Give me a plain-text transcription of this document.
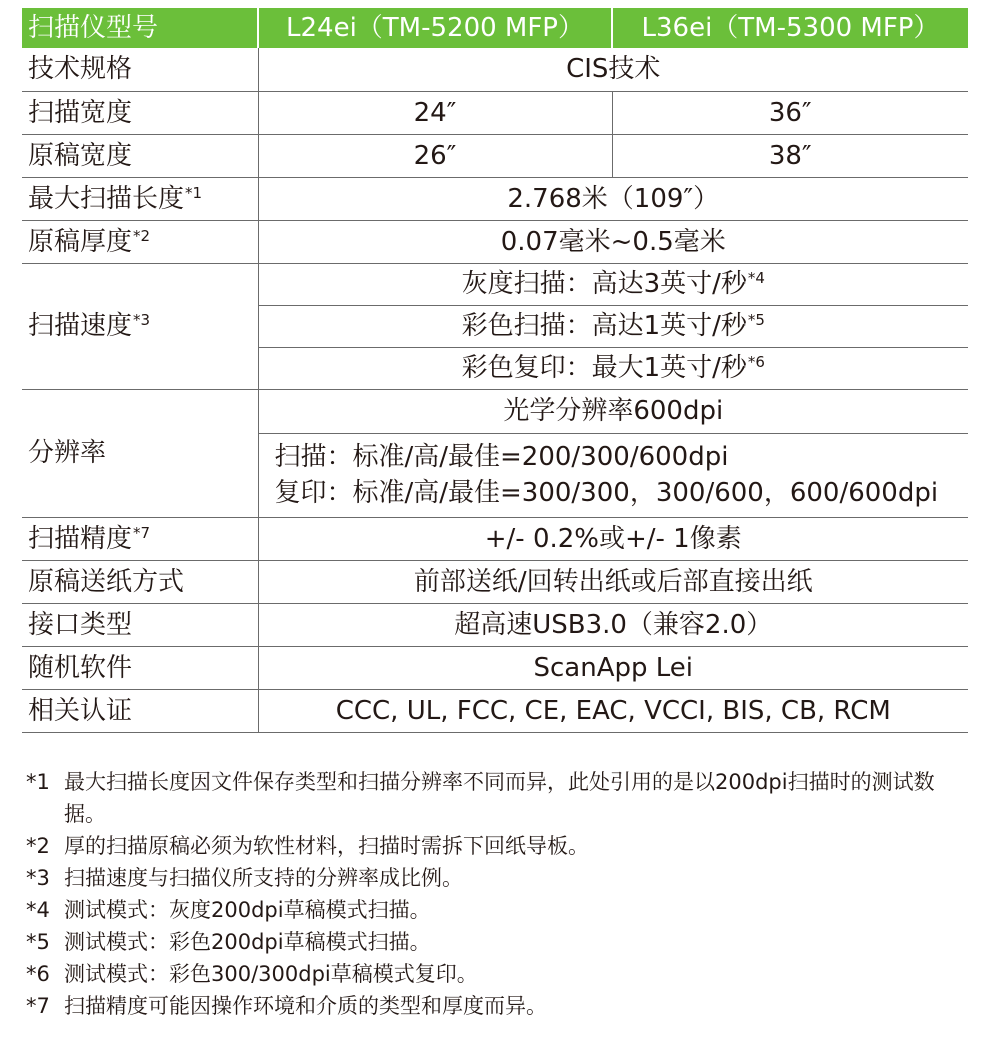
扫描仪型号	L24ei（TM-5200 MFP）	L36ei（TM-5300 MFP）
技术规格	CIS技术	
扫描宽度	24″	36″
原稿宽度	26″	38″
最大扫描长度$^{*1}$	2.768米（109″）	
原稿厚度$^{*2}$	0.07毫米~0.5毫米	
扫描速度$^{*3}$	灰度扫描：高达3英寸/秒$^{*4}$
	彩色扫描：高达1英寸/秒$^{*5}$
	彩色复印：最大1英寸/秒$^{*6}$
分辨率	光学分辨率600dpi	

	扫描：标准/高/最佳=200/300/600dpi
复印：标准/高/最佳=300/300，300/600，600/600dpi	

扫描精度$^{*7}$	+/- 0.2%或+/- 1像素	
原稿送纸方式	前部送纸/回转出纸或后部直接出纸	
接口类型	超高速USB3.0（兼容2.0）	
随机软件	ScanApp Lei	
相关认证	CCC, UL, FCC, CE, EAC, VCCI, BIS, CB, RCM	
*1 最大扫描长度因文件保存类型和扫描分辨率不同而异，此处引用的是以200dpi扫描时的测试数据。
*2 厚的扫描原稿必须为软性材料，扫描时需拆下回纸导板。
*3 扫描速度与扫描仪所支持的分辨率成比例。
*4 测试模式：灰度200dpi草稿模式扫描。
*5 测试模式：彩色200dpi草稿模式扫描。
*6 测试模式：彩色300/300dpi草稿模式复印。
*7 扫描精度可能因操作环境和介质的类型和厚度而异。
